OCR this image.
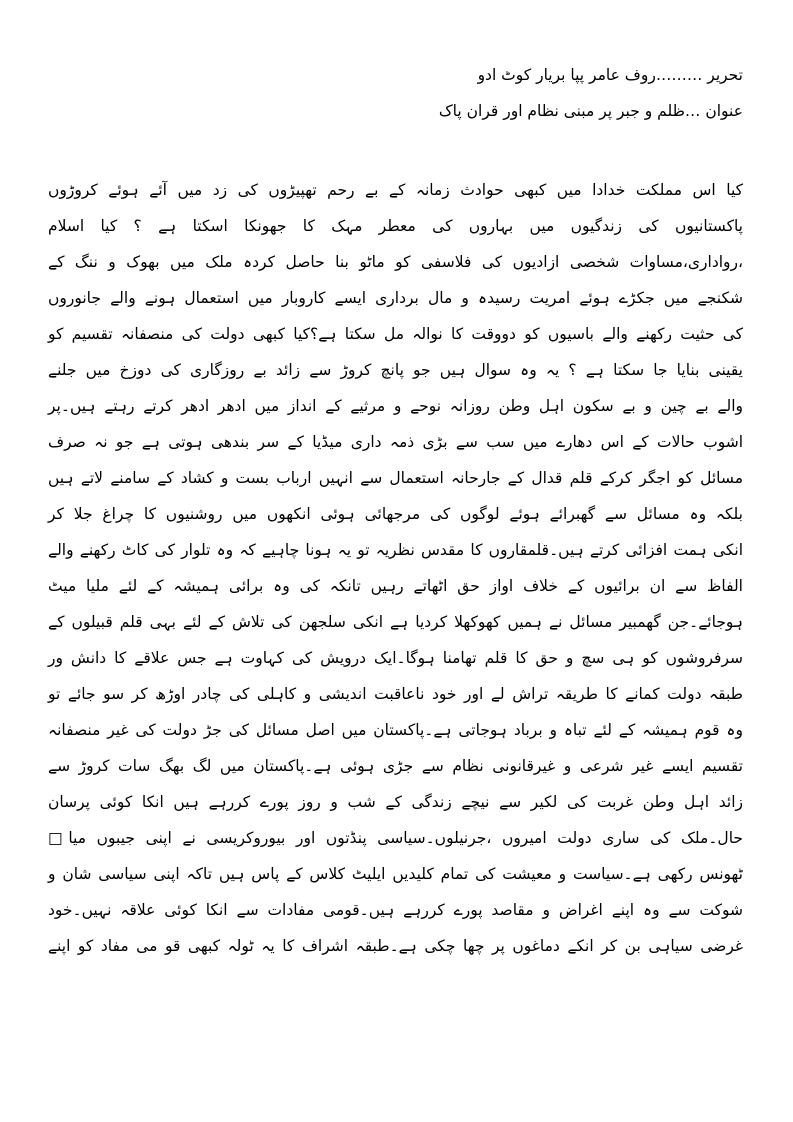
تحریر ………روف عامر پپا بریار کوٹ ادو
عنوان …ظلم و جبر پر مبنی نظام اور قران پاک
کیا اس مملکت خدادا میں کبھی حوادث زمانہ کے بے رحم تھپیڑوں کی زد میں آئے ہوئے کروڑوں
پاکستانیوں کی زندگیوں میں بہاروں کی معطر مہک کا جھونکا اسکتا ہے ؟ کیا اسلام
،رواداری،مساوات شخصی ازادیوں کی فلاسفی کو ماٹو بنا حاصل کردہ ملک میں بھوک و ننگ کے
شکنجے میں جکڑے ہوئے امریت رسیدہ و مال برداری ایسے کاروبار میں استعمال ہونے والے جانوروں
کی حثیت رکھنے والے باسیوں کو دووقت کا نوالہ مل سکتا ہے؟کیا کبھی دولت کی منصفانہ تقسیم کو
یقینی بنایا جا سکتا ہے ؟ یہ وہ سوال ہیں جو پانچ کروڑ سے زائد بے روزگاری کی دوزخ میں جلنے
والے بے چین و بے سکون اہل وطن روزانہ نوحے و مرثیے کے انداز میں ادھر ادھر کرتے رہتے ہیں۔پر
اشوب حالات کے اس دھارے میں سب سے بڑی ذمہ داری میڈیا کے سر بندھی ہوتی ہے جو نہ صرف
مسائل کو اجگر کرکے قلم قدال کے جارحانہ استعمال سے انہیں ارباب بست و کشاد کے سامنے لاتے ہیں
بلکہ وہ مسائل سے گھبرائے ہوئے لوگوں کی مرجھائی ہوئی انکھوں میں روشنیوں کا چراغ جلا کر
انکی ہمت افزائی کرتے ہیں۔قلمقاروں کا مقدس نظریہ تو یہ ہونا چاہیے کہ وہ تلوار کی کاٹ رکھنے والے
الفاظ سے ان برائیوں کے خلاف اواز حق اٹھاتے رہیں تانکہ کی وہ برائی ہمیشہ کے لئے ملیا میٹ
ہوجائے۔جن گھمبیر مسائل نے ہمیں کھوکھلا کردیا ہے انکی سلجھن کی تلاش کے لئے بہی قلم قبیلوں کے
سرفروشوں کو ہی سچ و حق کا قلم تھامنا ہوگا۔ایک درویش کی کہاوت ہے جس علاقے کا دانش ور
طبقہ دولت کمانے کا طریقہ تراش لے اور خود ناعاقبت اندیشی و کاہلی کی چادر اوڑھ کر سو جائے تو
وہ قوم ہمیشہ کے لئے تباہ و برباد ہوجاتی ہے۔پاکستان میں اصل مسائل کی جڑ دولت کی غیر منصفانہ
تقسیم ایسے غیر شرعی و غیرقانونی نظام سے جڑی ہوئی ہے۔پاکستان میں لگ بھگ سات کروڑ سے
زائد اہل وطن غربت کی لکیر سے نیچے زندگی کے شب و روز پورے کررہے ہیں انکا کوئی پرسان
حال۔ملک کی ساری دولت امیروں ،جرنیلوں۔سیاسی پنڈتوں اور بیوروکریسی نے اپنی جیبوں میا□
ٹھونس رکھی ہے۔سیاست و معیشت کی تمام کلیدیں ایلیٹ کلاس کے پاس ہیں تاکہ اپنی سیاسی شان و
شوکت سے وہ اپنے اغراض و مقاصد پورے کررہے ہیں۔قومی مفادات سے انکا کوئی علاقہ نہیں۔خود
غرضی سیاہی بن کر انکے دماغوں پر چھا چکی ہے۔طبقہ اشراف کا یہ ٹولہ کبھی قو می مفاد کو اپنے
